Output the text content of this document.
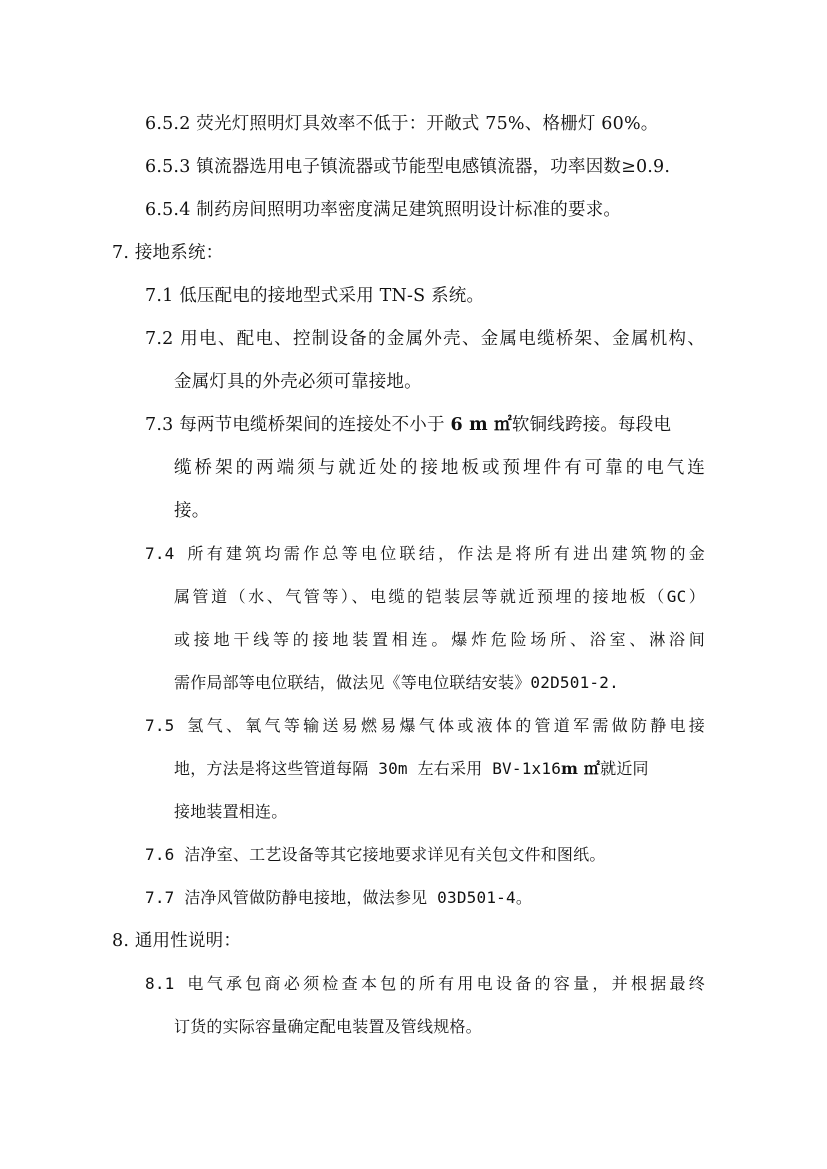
6.5.2 荧光灯照明灯具效率不低于：开敞式 75%、格栅灯 60%。
6.5.3 镇流器选用电子镇流器或节能型电感镇流器，功率因数≥0.9.
6.5.4 制药房间照明功率密度满足建筑照明设计标准的要求。
7. 接地系统：
7.1 低压配电的接地型式采用 TN-S 系统。
7.2 用电、配电、控制设备的金属外壳、金属电缆桥架、金属机构、
金属灯具的外壳必须可靠接地。
7.3 每两节电缆桥架间的连接处不小于 6 m ㎡软铜线跨接。每段电
缆桥架的两端须与就近处的接地板或预埋件有可靠的电气连
接。
7.4 所有建筑均需作总等电位联结，作法是将所有进出建筑物的金
属管道（水、气管等）、电缆的铠装层等就近预埋的接地板（GC）
或接地干线等的接地装置相连。爆炸危险场所、浴室、淋浴间
需作局部等电位联结，做法见《等电位联结安装》02D501-2.
7.5 氢气、氧气等输送易燃易爆气体或液体的管道军需做防静电接
地，方法是将这些管道每隔 30m 左右采用 BV-1x16m ㎡就近同
接地装置相连。
7.6 洁净室、工艺设备等其它接地要求详见有关包文件和图纸。
7.7 洁净风管做防静电接地，做法参见 03D501-4。
8. 通用性说明：
8.1 电气承包商必须检查本包的所有用电设备的容量，并根据最终
订货的实际容量确定配电装置及管线规格。
